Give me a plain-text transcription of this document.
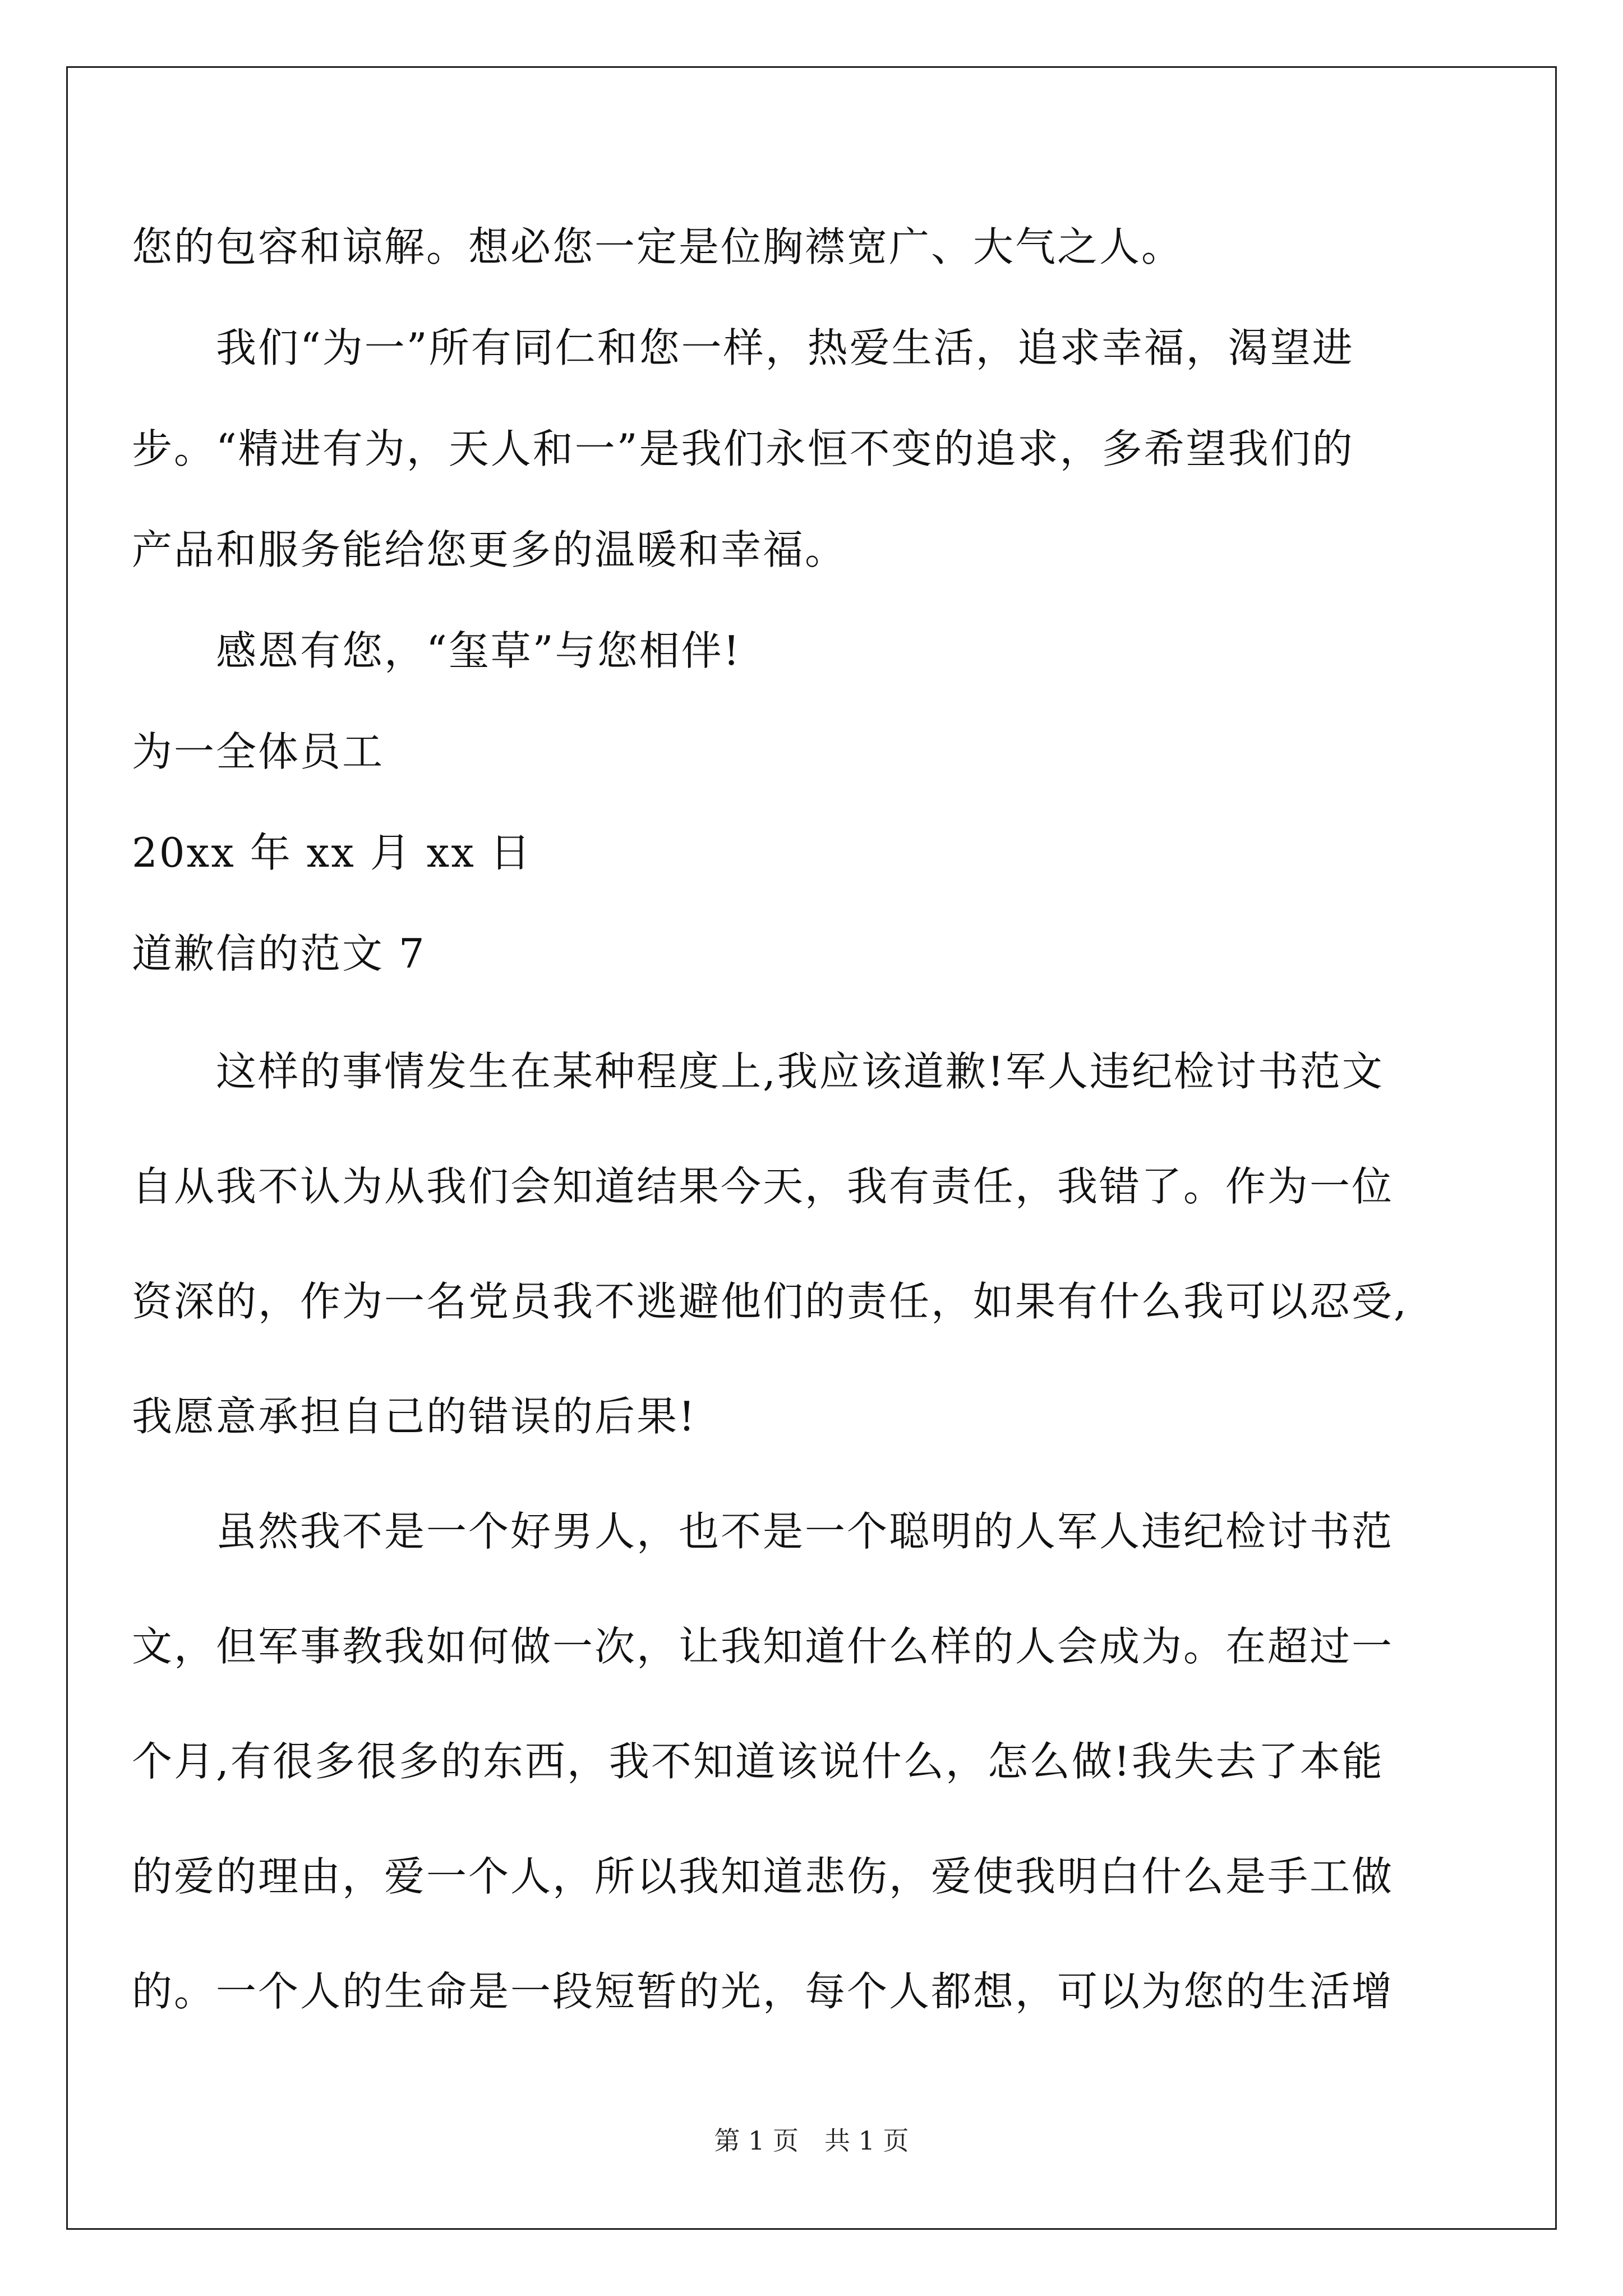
您的包容和谅解。想必您一定是位胸襟宽广、大气之人。
我们“为一”所有同仁和您一样，热爱生活，追求幸福，渴望进
步。“精进有为，天人和一”是我们永恒不变的追求，多希望我们的
产品和服务能给您更多的温暖和幸福。
感恩有您，“玺草”与您相伴!
为一全体员工
20xx 年 xx 月 xx 日
道歉信的范文 7
这样的事情发生在某种程度上,我应该道歉!军人违纪检讨书范文
自从我不认为从我们会知道结果今天，我有责任，我错了。作为一位
资深的，作为一名党员我不逃避他们的责任，如果有什么我可以忍受,
我愿意承担自己的错误的后果!
虽然我不是一个好男人，也不是一个聪明的人军人违纪检讨书范
文，但军事教我如何做一次，让我知道什么样的人会成为。在超过一
个月,有很多很多的东西，我不知道该说什么，怎么做!我失去了本能
的爱的理由，爱一个人，所以我知道悲伤，爱使我明白什么是手工做
的。一个人的生命是一段短暂的光，每个人都想，可以为您的生活增
第 1 页　共 1 页
